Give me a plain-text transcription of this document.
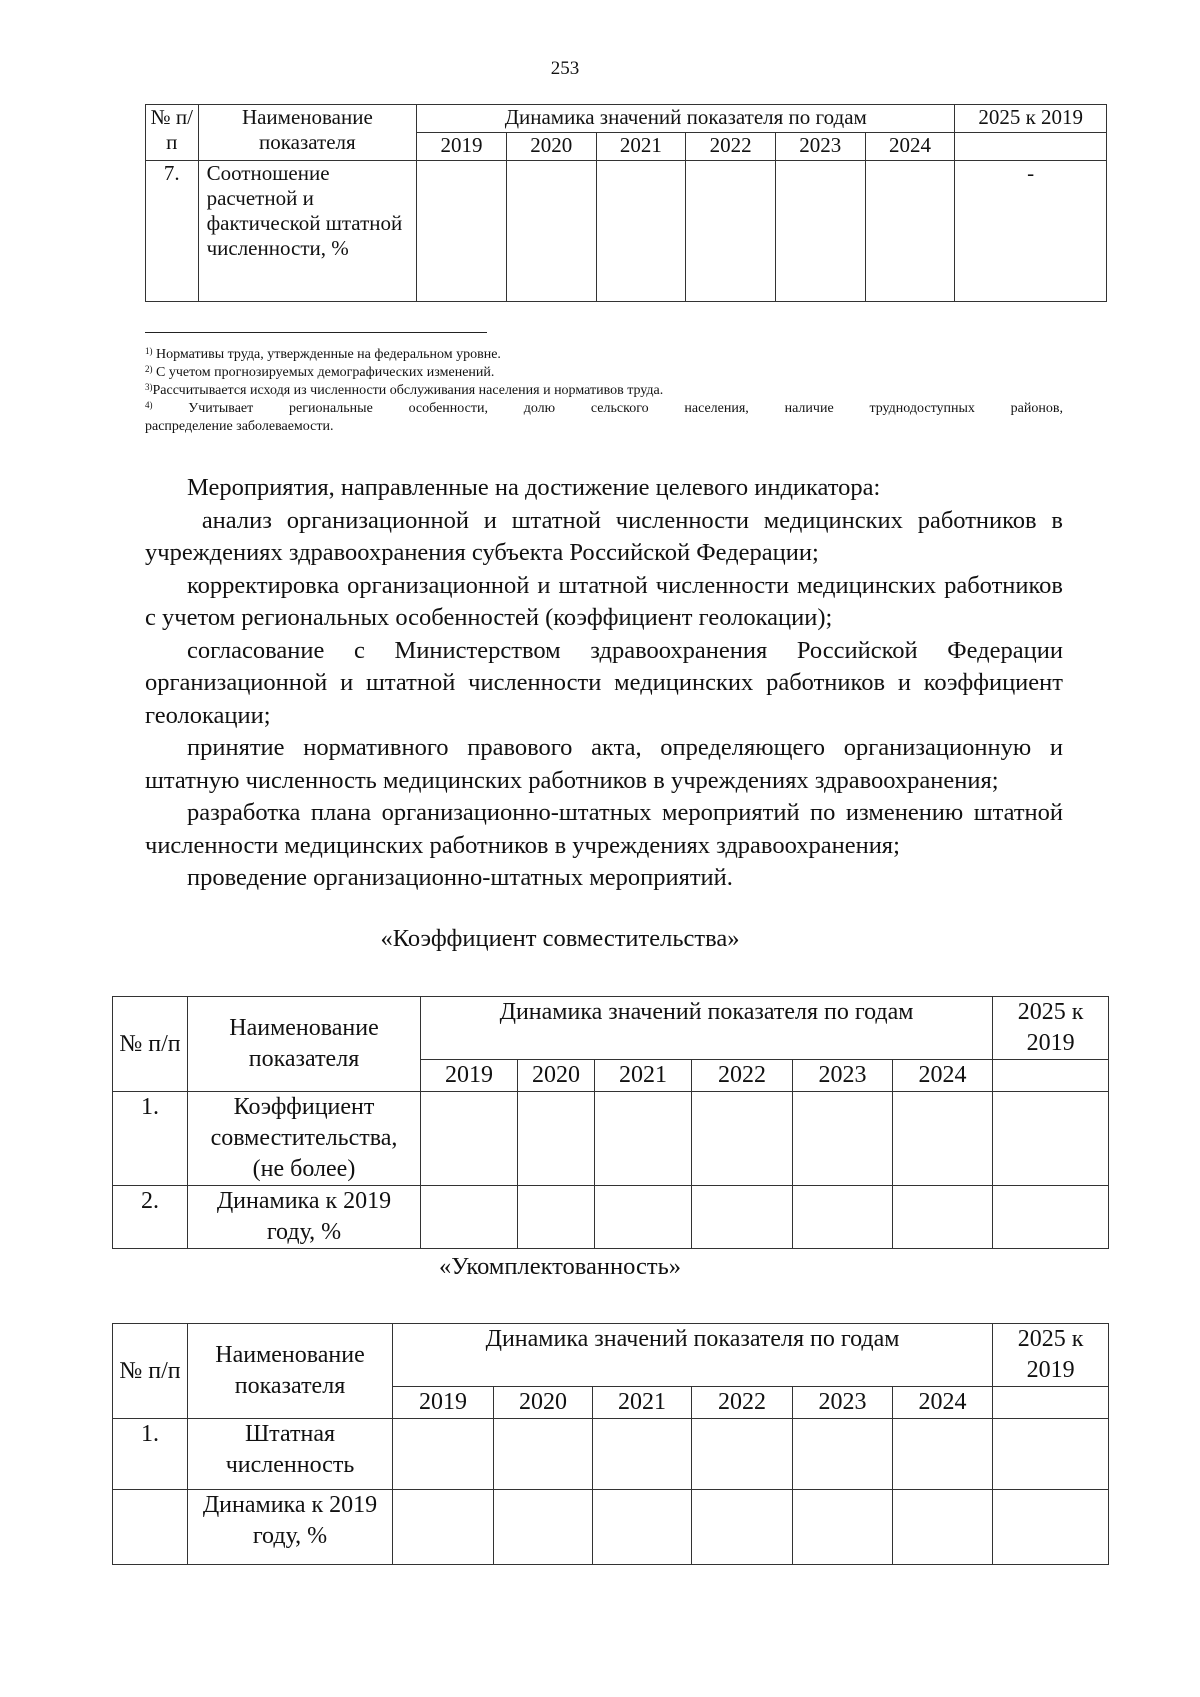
253
№ п/п	Наименование показателя	Динамика значений показателя по годам						2025 к 2019
		2019	2020	2021	2022	2023	2024	
7.	Соотношение расчетной и фактической штатной численности, %							-
$^{1)}$ Нормативы труда, утвержденные на федеральном уровне.
$^{2)}$ С учетом прогнозируемых демографических изменений.
$^{3)}$Рассчитывается исходя из численности обслуживания населения и нормативов труда.
$^{4)}$	Учитывает региональные особенности, долю сельского населения, наличие труднодоступных районов,
распределение заболеваемости.

Мероприятия, направленные на достижение целевого индикатора:

анализ организационной и штатной численности медицинских работников в учреждениях здравоохранения субъекта Российской Федерации;

корректировка организационной и штатной численности медицинских работников с учетом региональных особенностей (коэффициент геолокации);

согласование с Министерством здравоохранения Российской Федерации организационной и штатной численности медицинских работников и коэффициент геолокации;

принятие нормативного правового акта, определяющего организационную и штатную численность медицинских работников в учреждениях здравоохранения;

разработка плана организационно-штатных мероприятий по изменению штатной численности медицинских работников в учреждениях здравоохранения;

проведение организационно-штатных мероприятий.

«Коэффициент совместительства»
№ п/п	Наименование показателя	Динамика значений показателя по годам						2025 к 2019
		2019	2020	2021	2022	2023	2024	
1.	Коэффициент совместительства, (не более)							
2.	Динамика к 2019 году, %							
«Укомплектованность»
№ п/п	Наименование показателя	Динамика значений показателя по годам						2025 к 2019
		2019	2020	2021	2022	2023	2024	
1.	Штатная численность							
	Динамика к 2019 году, %							
